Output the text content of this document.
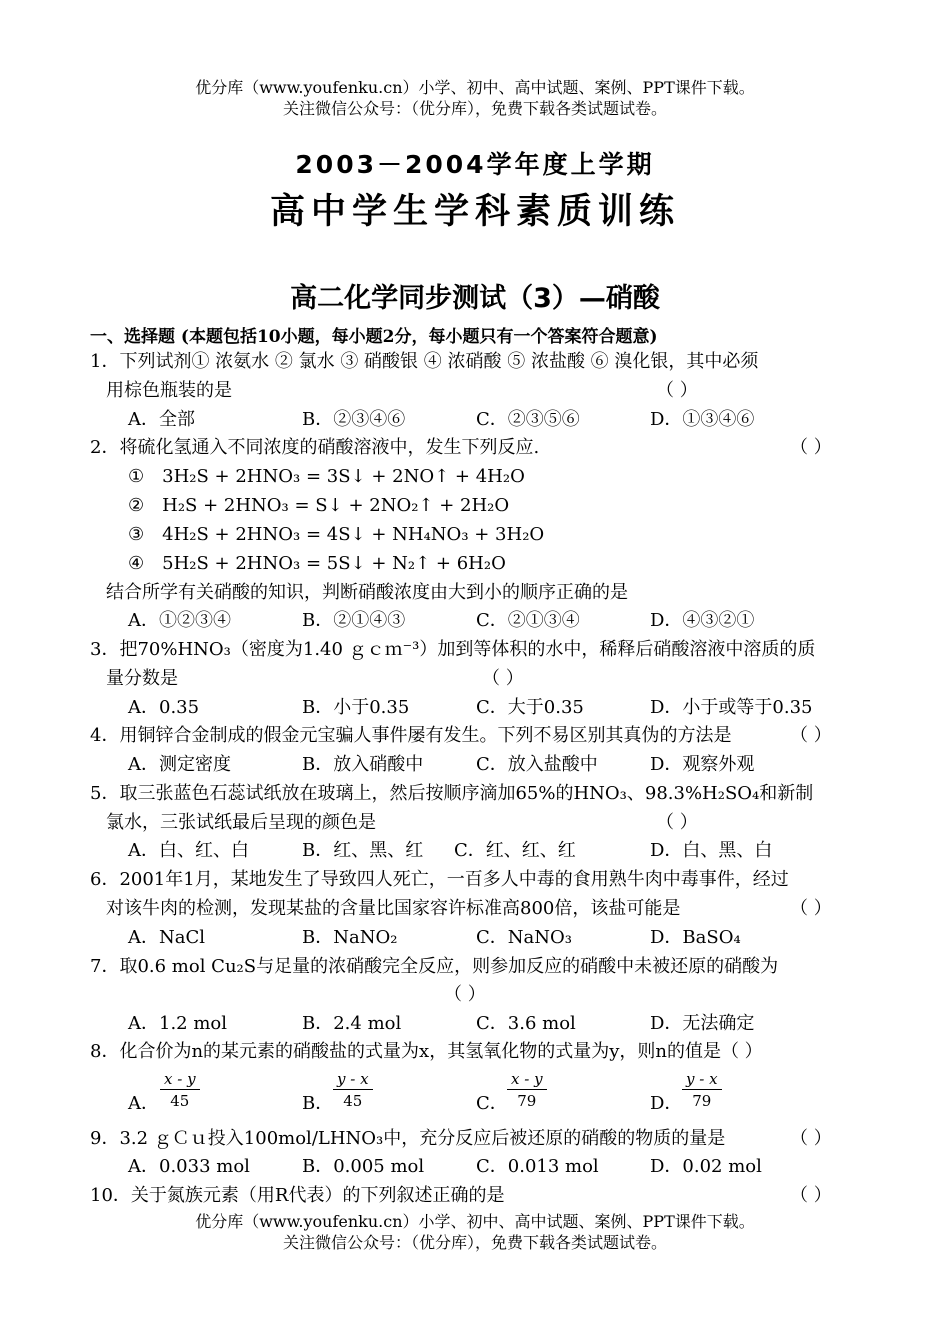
优分库（www.youfenku.cn）小学、初中、高中试题、案例、PPT课件下载。
关注微信公众号：（优分库），免费下载各类试题试卷。
2003－2004学年度上学期
高中学生学科素质训练
高二化学同步测试（3）—硝酸
一、选择题 (本题包括10小题，每小题2分，每小题只有一个答案符合题意)
1．下列试剂① 浓氨水 ② 氯水 ③ 硝酸银 ④ 浓硝酸 ⑤ 浓盐酸 ⑥ 溴化银，其中必须
用棕色瓶装的是	（ ）
A．全部	B．②③④⑥	C．②③⑤⑥	D．①③④⑥
2．将硫化氢通入不同浓度的硝酸溶液中，发生下列反应.	（ ）
①　3H₂S + 2HNO₃ = 3S↓ + 2NO↑ + 4H₂O
②　H₂S + 2HNO₃ = S↓ + 2NO₂↑ + 2H₂O
③　4H₂S + 2HNO₃ = 4S↓ + NH₄NO₃ + 3H₂O
④　5H₂S + 2HNO₃ = 5S↓ + N₂↑ + 6H₂O
结合所学有关硝酸的知识，判断硝酸浓度由大到小的顺序正确的是
A．①②③④	B．②①④③	C．②①③④	D．④③②①
3．把70%HNO₃（密度为1.40 ｇｃｍ⁻³）加到等体积的水中，稀释后硝酸溶液中溶质的质
量分数是	（ ）
A．0.35	B．小于0.35	C．大于0.35	D．小于或等于0.35
4．用铜锌合金制成的假金元宝骗人事件屡有发生。下列不易区别其真伪的方法是	（ ）
A．测定密度	B．放入硝酸中	C．放入盐酸中	D．观察外观
5．取三张蓝色石蕊试纸放在玻璃上，然后按顺序滴加65%的HNO₃、98.3%H₂SO₄和新制
氯水，三张试纸最后呈现的颜色是	（ ）
A．白、红、白	B．红、黑、红 C．红、红、红	D．白、黑、白
6．2001年1月，某地发生了导致四人死亡，一百多人中毒的食用熟牛肉中毒事件，经过
对该牛肉的检测，发现某盐的含量比国家容许标准高800倍，该盐可能是	（ ）
A．NaCl	B．NaNO₂	C．NaNO₃	D．BaSO₄
7．取0.6 mol Cu₂S与足量的浓硝酸完全反应，则参加反应的硝酸中未被还原的硝酸为
（ ）
A．1.2 mol	B．2.4 mol	C．3.6 mol	D．无法确定
8．化合价为n的某元素的硝酸盐的式量为x，其氢氧化物的式量为y，则n的值是（ ）
A． $\frac{x - y}{45}$	B． $\frac{y - x}{45}$	C． $\frac{x - y}{79}$	D． $\frac{y - x}{79}$
9．3.2 ｇＣｕ投入100mol/LHNO₃中，充分反应后被还原的硝酸的物质的量是	（ ）
A．0.033 mol	B．0.005 mol	C．0.013 mol	D．0.02 mol
10．关于氮族元素（用R代表）的下列叙述正确的是	（ ）
优分库（www.youfenku.cn）小学、初中、高中试题、案例、PPT课件下载。
关注微信公众号：（优分库），免费下载各类试题试卷。
